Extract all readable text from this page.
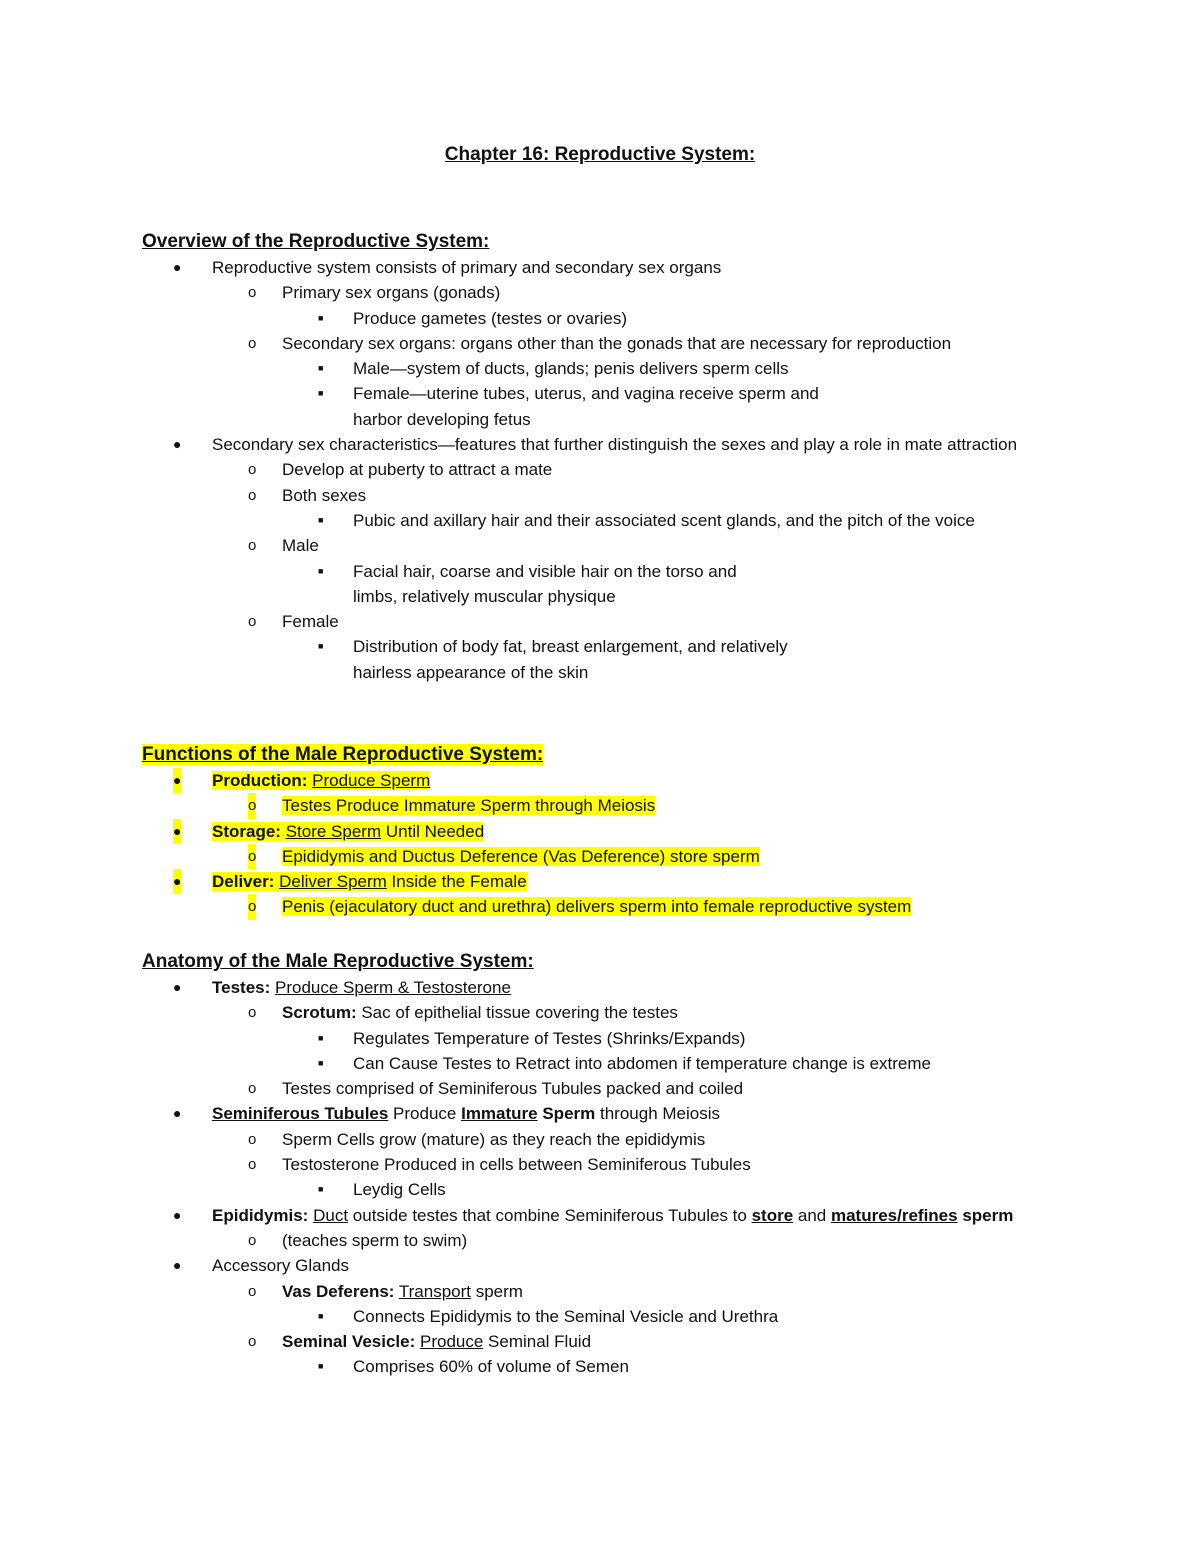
Chapter 16: Reproductive System:
Overview of the Reproductive System:
● Reproductive system consists of primary and secondary sex organs
o Primary sex organs (gonads)
■ Produce gametes (testes or ovaries)
o Secondary sex organs: organs other than the gonads that are necessary for reproduction
■ Male—system of ducts, glands; penis delivers sperm cells
■ Female—uterine tubes, uterus, and vagina receive sperm and harbor developing fetus
● Secondary sex characteristics—features that further distinguish the sexes and play a role in mate attraction
o Develop at puberty to attract a mate
o Both sexes
■ Pubic and axillary hair and their associated scent glands, and the pitch of the voice
o Male
■ Facial hair, coarse and visible hair on the torso and limbs, relatively muscular physique
o Female
■ Distribution of body fat, breast enlargement, and relatively hairless appearance of the skin
Functions of the Male Reproductive System:
● Production: Produce Sperm
o Testes Produce Immature Sperm through Meiosis
● Storage: Store Sperm Until Needed
o Epididymis and Ductus Deference (Vas Deference) store sperm
● Deliver: Deliver Sperm Inside the Female
o Penis (ejaculatory duct and urethra) delivers sperm into female reproductive system
Anatomy of the Male Reproductive System:
● Testes: Produce Sperm & Testosterone
o Scrotum: Sac of epithelial tissue covering the testes
■ Regulates Temperature of Testes (Shrinks/Expands)
■ Can Cause Testes to Retract into abdomen if temperature change is extreme
o Testes comprised of Seminiferous Tubules packed and coiled
● Seminiferous Tubules Produce Immature Sperm through Meiosis
o Sperm Cells grow (mature) as they reach the epididymis
o Testosterone Produced in cells between Seminiferous Tubules
■ Leydig Cells
● Epididymis: Duct outside testes that combine Seminiferous Tubules to store and matures/refines sperm
o (teaches sperm to swim)
● Accessory Glands
o Vas Deferens: Transport sperm
■ Connects Epididymis to the Seminal Vesicle and Urethra
o Seminal Vesicle: Produce Seminal Fluid
■ Comprises 60% of volume of Semen
